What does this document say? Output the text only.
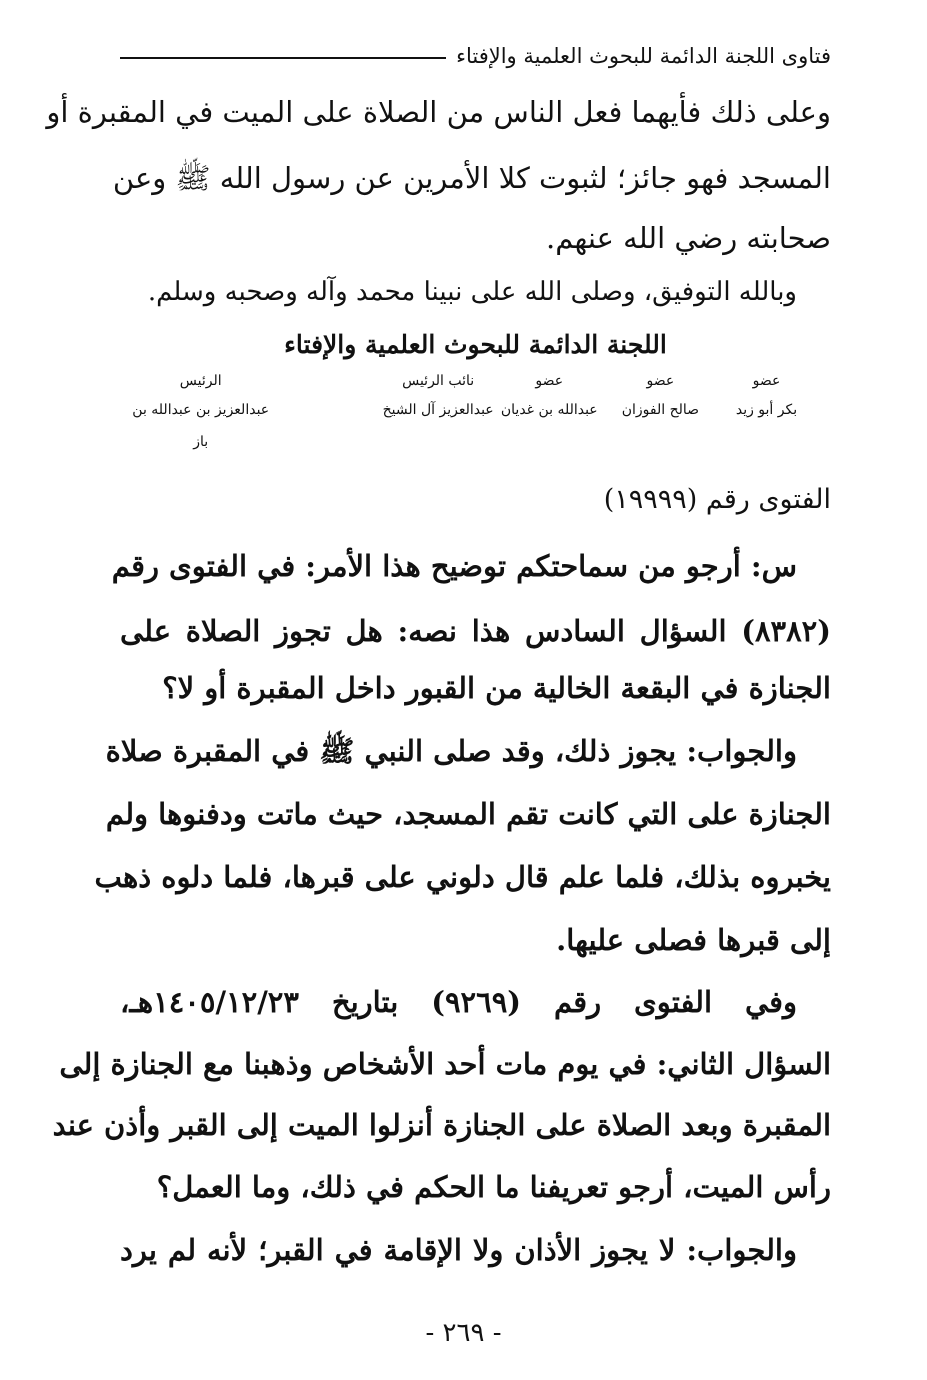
فتاوى اللجنة الدائمة للبحوث العلمية والإفتاء
وعلى ذلك فأيهما فعل الناس من الصلاة على الميت في المقبرة أو
المسجد فهو جائز؛ لثبوت كلا الأمرين عن رسول الله ﷺ وعن
صحابته رضي الله عنهم.
وبالله التوفيق، وصلى الله على نبينا محمد وآله وصحبه وسلم.
اللجنة الدائمة للبحوث العلمية والإفتاء
عضو
بكر أبو زيد
عضو
صالح الفوزان
عضو
عبدالله بن غديان
نائب الرئيس
عبدالعزيز آل الشيخ
الرئيس
عبدالعزيز بن عبدالله بن باز
الفتوى رقم (١٩٩٩٩)
س: أرجو من سماحتكم توضيح هذا الأمر: في الفتوى رقم
(٨٣٨٢) السؤال السادس هذا نصه: هل تجوز الصلاة على
الجنازة في البقعة الخالية من القبور داخل المقبرة أو لا؟
والجواب: يجوز ذلك، وقد صلى النبي ﷺ في المقبرة صلاة
الجنازة على التي كانت تقم المسجد، حيث ماتت ودفنوها ولم
يخبروه بذلك، فلما علم قال دلوني على قبرها، فلما دلوه ذهب
إلى قبرها فصلى عليها.
وفي الفتوى رقم (٩٢٦٩) بتاريخ ١٤٠٥/١٢/٢٣هـ،
السؤال الثاني: في يوم مات أحد الأشخاص وذهبنا مع الجنازة إلى
المقبرة وبعد الصلاة على الجنازة أنزلوا الميت إلى القبر وأذن عند
رأس الميت، أرجو تعريفنا ما الحكم في ذلك، وما العمل؟
والجواب: لا يجوز الأذان ولا الإقامة في القبر؛ لأنه لم يرد
- ٢٦٩ -
